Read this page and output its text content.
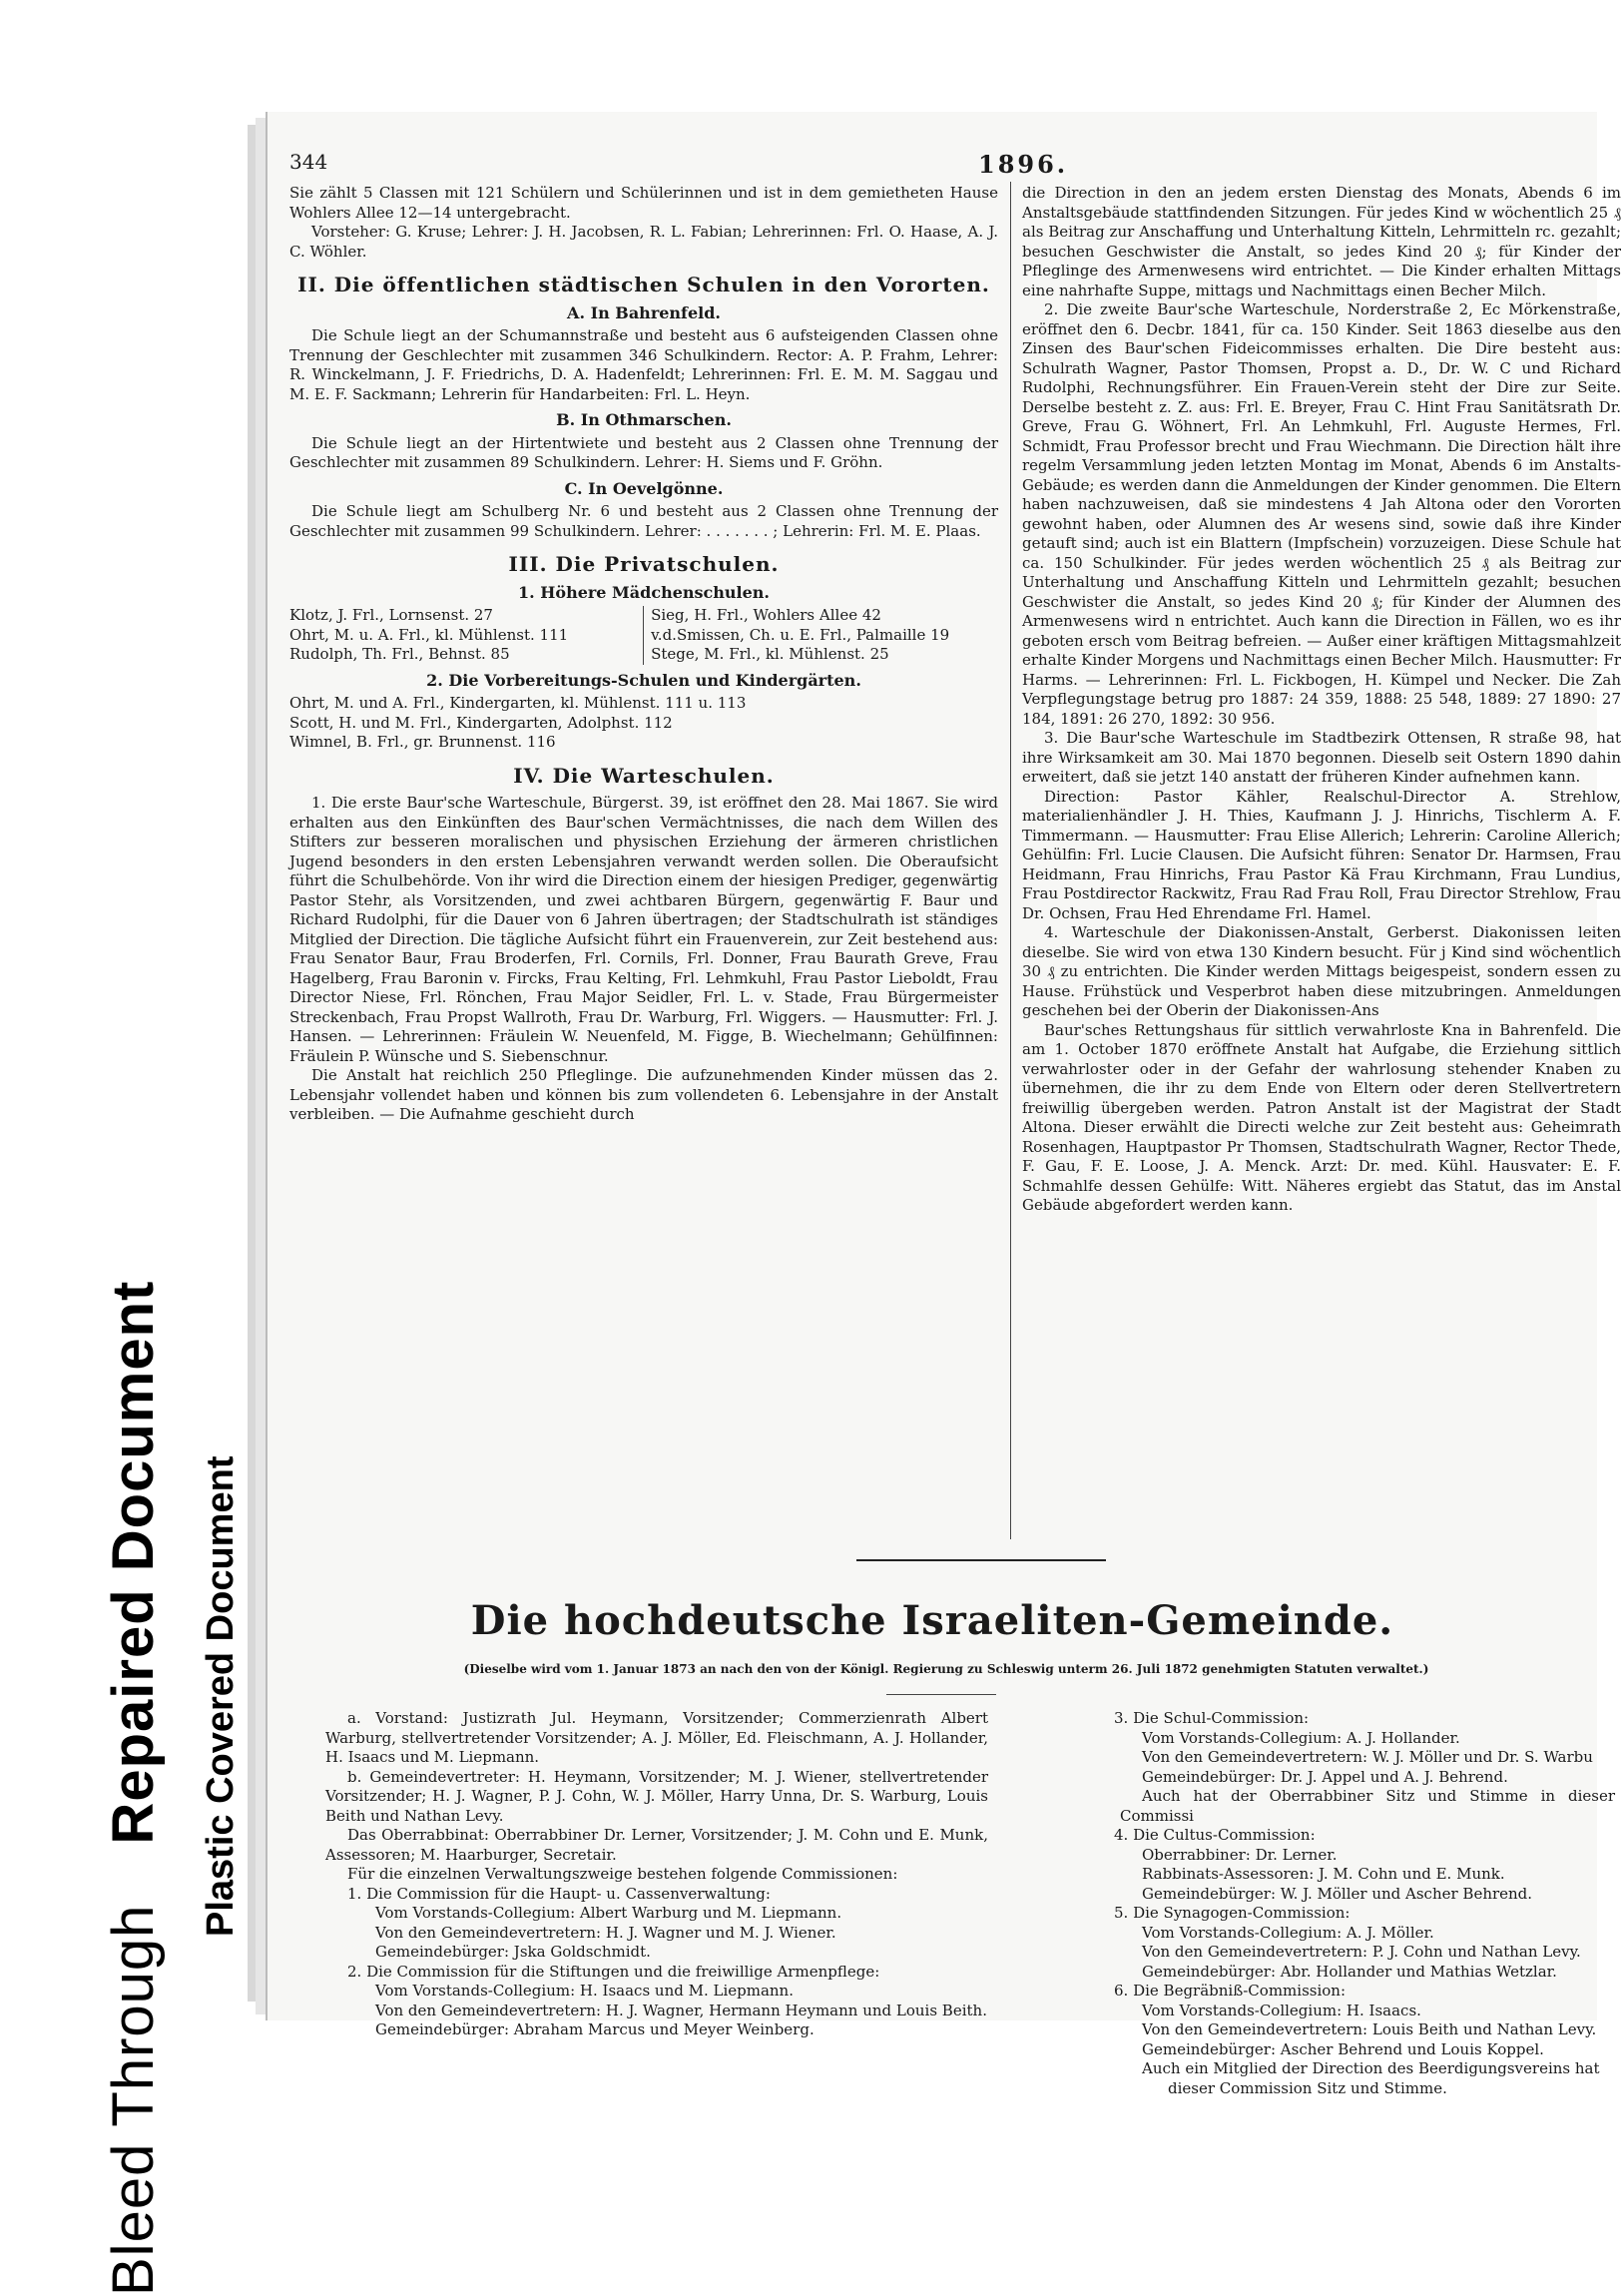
Bleed ThroughRepaired Document Plastic Covered Document
344	1896.

Sie zählt 5 Classen mit 121 Schülern und Schülerinnen und ist in dem gemietheten Hause Wohlers Allee 12—14 untergebracht.

Vorsteher: G. Kruse; Lehrer: J. H. Jacobsen, R. L. Fabian; Lehrerinnen: Frl. O. Haase, A. J. C. Wöhler.

II. Die öffentlichen städtischen Schulen in den Vororten.
A. In Bahrenfeld.

Die Schule liegt an der Schumannstraße und besteht aus 6 aufsteigenden Classen ohne Trennung der Geschlechter mit zusammen 346 Schulkindern. Rector: A. P. Frahm, Lehrer: R. Winckelmann, J. F. Friedrichs, D. A. Hadenfeldt; Lehrerinnen: Frl. E. M. M. Saggau und M. E. F. Sackmann; Lehrerin für Handarbeiten: Frl. L. Heyn.

B. In Othmarschen.

Die Schule liegt an der Hirtentwiete und besteht aus 2 Classen ohne Trennung der Geschlechter mit zusammen 89 Schulkindern. Lehrer: H. Siems und F. Gröhn.

C. In Oevelgönne.

Die Schule liegt am Schulberg Nr. 6 und besteht aus 2 Classen ohne Trennung der Geschlechter mit zusammen 99 Schulkindern. Lehrer: . . . . . . . ; Lehrerin: Frl. M. E. Plaas.

III. Die Privatschulen.
1. Höhere Mädchenschulen.
Klotz, J. Frl., Lornsenst. 27
Ohrt, M. u. A. Frl., kl. Mühlenst. 111
Rudolph, Th. Frl., Behnst. 85
Sieg, H. Frl., Wohlers Allee 42
v.d.Smissen, Ch. u. E. Frl., Palmaille 19
Stege, M. Frl., kl. Mühlenst. 25
2. Die Vorbereitungs-Schulen und Kindergärten.
Ohrt, M. und A. Frl., Kindergarten, kl. Mühlenst. 111 u. 113
Scott, H. und M. Frl., Kindergarten, Adolphst. 112
Wimnel, B. Frl., gr. Brunnenst. 116
IV. Die Warteschulen.

1. Die erste Baur'sche Warteschule, Bürgerst. 39, ist eröffnet den 28. Mai 1867. Sie wird erhalten aus den Einkünften des Baur'schen Vermächtnisses, die nach dem Willen des Stifters zur besseren moralischen und physischen Erziehung der ärmeren christlichen Jugend besonders in den ersten Lebensjahren verwandt werden sollen. Die Oberaufsicht führt die Schulbehörde. Von ihr wird die Direction einem der hiesigen Prediger, gegenwärtig Pastor Stehr, als Vorsitzenden, und zwei achtbaren Bürgern, gegenwärtig F. Baur und Richard Rudolphi, für die Dauer von 6 Jahren übertragen; der Stadtschulrath ist ständiges Mitglied der Direction. Die tägliche Aufsicht führt ein Frauenverein, zur Zeit bestehend aus: Frau Senator Baur, Frau Broderfen, Frl. Cornils, Frl. Donner, Frau Baurath Greve, Frau Hagelberg, Frau Baronin v. Fircks, Frau Kelting, Frl. Lehmkuhl, Frau Pastor Lieboldt, Frau Director Niese, Frl. Rönchen, Frau Major Seidler, Frl. L. v. Stade, Frau Bürgermeister Streckenbach, Frau Propst Wallroth, Frau Dr. Warburg, Frl. Wiggers. — Hausmutter: Frl. J. Hansen. — Lehrerinnen: Fräulein W. Neuenfeld, M. Figge, B. Wiechelmann; Gehülfinnen: Fräulein P. Wünsche und S. Siebenschnur.

Die Anstalt hat reichlich 250 Pfleglinge. Die aufzunehmenden Kinder müssen das 2. Lebensjahr vollendet haben und können bis zum vollendeten 6. Lebensjahre in der Anstalt verbleiben. — Die Aufnahme geschieht durch

die Direction in den an jedem ersten Dienstag des Monats, Abends 6 im Anstaltsgebäude stattfindenden Sitzungen. Für jedes Kind w wöchentlich 25 ₰ als Beitrag zur Anschaffung und Unterhaltung Kitteln, Lehrmitteln rc. gezahlt; besuchen Geschwister die Anstalt, so jedes Kind 20 ₰; für Kinder der Pfleglinge des Armenwesens wird entrichtet. — Die Kinder erhalten Mittags eine nahrhafte Suppe, mittags und Nachmittags einen Becher Milch.

2. Die zweite Baur'sche Warteschule, Norderstraße 2, Ec Mörkenstraße, eröffnet den 6. Decbr. 1841, für ca. 150 Kinder. Seit 1863 dieselbe aus den Zinsen des Baur'schen Fideicommisses erhalten. Die Dire besteht aus: Schulrath Wagner, Pastor Thomsen, Propst a. D., Dr. W. C und Richard Rudolphi, Rechnungsführer. Ein Frauen-Verein steht der Dire zur Seite. Derselbe besteht z. Z. aus: Frl. E. Breyer, Frau C. Hint Frau Sanitätsrath Dr. Greve, Frau G. Wöhnert, Frl. An Lehmkuhl, Frl. Auguste Hermes, Frl. Schmidt, Frau Professor brecht und Frau Wiechmann. Die Direction hält ihre regelm Versammlung jeden letzten Montag im Monat, Abends 6 im Anstalts-Gebäude; es werden dann die Anmeldungen der Kinder genommen. Die Eltern haben nachzuweisen, daß sie mindestens 4 Jah Altona oder den Vororten gewohnt haben, oder Alumnen des Ar wesens sind, sowie daß ihre Kinder getauft sind; auch ist ein Blattern (Impfschein) vorzuzeigen. Diese Schule hat ca. 150 Schulkinder. Für jedes werden wöchentlich 25 ₰ als Beitrag zur Unterhaltung und Anschaffung Kitteln und Lehrmitteln gezahlt; besuchen Geschwister die Anstalt, so jedes Kind 20 ₰; für Kinder der Alumnen des Armenwesens wird n entrichtet. Auch kann die Direction in Fällen, wo es ihr geboten ersch vom Beitrag befreien. — Außer einer kräftigen Mittagsmahlzeit erhalte Kinder Morgens und Nachmittags einen Becher Milch. Hausmutter: Fr Harms. — Lehrerinnen: Frl. L. Fickbogen, H. Kümpel und Necker. Die Zah Verpflegungstage betrug pro 1887: 24 359, 1888: 25 548, 1889: 27 1890: 27 184, 1891: 26 270, 1892: 30 956.

3. Die Baur'sche Warteschule im Stadtbezirk Ottensen, R straße 98, hat ihre Wirksamkeit am 30. Mai 1870 begonnen. Dieselb seit Ostern 1890 dahin erweitert, daß sie jetzt 140 anstatt der früheren Kinder aufnehmen kann.

Direction: Pastor Kähler, Realschul-Director A. Strehlow, materialienhändler J. H. Thies, Kaufmann J. J. Hinrichs, Tischlerm A. F. Timmermann. — Hausmutter: Frau Elise Allerich; Lehrerin: Caroline Allerich; Gehülfin: Frl. Lucie Clausen. Die Aufsicht führen: Senator Dr. Harmsen, Frau Heidmann, Frau Hinrichs, Frau Pastor Kä Frau Kirchmann, Frau Lundius, Frau Postdirector Rackwitz, Frau Rad Frau Roll, Frau Director Strehlow, Frau Dr. Ochsen, Frau Hed Ehrendame Frl. Hamel.

4. Warteschule der Diakonissen-Anstalt, Gerberst. Diakonissen leiten dieselbe. Sie wird von etwa 130 Kindern besucht. Für j Kind sind wöchentlich 30 ₰ zu entrichten. Die Kinder werden Mittags beigespeist, sondern essen zu Hause. Frühstück und Vesperbrot haben diese mitzubringen. Anmeldungen geschehen bei der Oberin der Diakonissen-Ans

Baur'sches Rettungshaus für sittlich verwahrloste Kna in Bahrenfeld. Die am 1. October 1870 eröffnete Anstalt hat Aufgabe, die Erziehung sittlich verwahrloster oder in der Gefahr der wahrlosung stehender Knaben zu übernehmen, die ihr zu dem Ende von Eltern oder deren Stellvertretern freiwillig übergeben werden. Patron Anstalt ist der Magistrat der Stadt Altona. Dieser erwählt die Directi welche zur Zeit besteht aus: Geheimrath Rosenhagen, Hauptpastor Pr Thomsen, Stadtschulrath Wagner, Rector Thede, F. Gau, F. E. Loose, J. A. Menck. Arzt: Dr. med. Kühl. Hausvater: E. F. Schmahlfe dessen Gehülfe: Witt. Näheres ergiebt das Statut, das im Anstal Gebäude abgefordert werden kann.

Die hochdeutsche Israeliten-Gemeinde.
(Dieselbe wird vom 1. Januar 1873 an nach den von der Königl. Regierung zu Schleswig unterm 26. Juli 1872 genehmigten Statuten verwaltet.)

a. Vorstand: Justizrath Jul. Heymann, Vorsitzender; Commerzienrath Albert Warburg, stellvertretender Vorsitzender; A. J. Möller, Ed. Fleischmann, A. J. Hollander, H. Isaacs und M. Liepmann.

b. Gemeindevertreter: H. Heymann, Vorsitzender; M. J. Wiener, stellvertretender Vorsitzender; H. J. Wagner, P. J. Cohn, W. J. Möller, Harry Unna, Dr. S. Warburg, Louis Beith und Nathan Levy.

Das Oberrabbinat: Oberrabbiner Dr. Lerner, Vorsitzender; J. M. Cohn und E. Munk, Assessoren; M. Haarburger, Secretair.

Für die einzelnen Verwaltungszweige bestehen folgende Commissionen:

1. Die Commission für die Haupt- u. Cassenverwaltung:

Vom Vorstands-Collegium: Albert Warburg und M. Liepmann.

Von den Gemeindevertretern: H. J. Wagner und M. J. Wiener.

Gemeindebürger: Jska Goldschmidt.

2. Die Commission für die Stiftungen und die freiwillige Armenpflege:

Vom Vorstands-Collegium: H. Isaacs und M. Liepmann.

Von den Gemeindevertretern: H. J. Wagner, Hermann Heymann und Louis Beith.

Gemeindebürger: Abraham Marcus und Meyer Weinberg.

3. Die Schul-Commission:

Vom Vorstands-Collegium: A. J. Hollander.

Von den Gemeindevertretern: W. J. Möller und Dr. S. Warbu

Gemeindebürger: Dr. J. Appel und A. J. Behrend.

Auch hat der Oberrabbiner Sitz und Stimme in dieser Commissi

4. Die Cultus-Commission:

Oberrabbiner: Dr. Lerner.

Rabbinats-Assessoren: J. M. Cohn und E. Munk.

Gemeindebürger: W. J. Möller und Ascher Behrend.

5. Die Synagogen-Commission:

Vom Vorstands-Collegium: A. J. Möller.

Von den Gemeindevertretern: P. J. Cohn und Nathan Levy.

Gemeindebürger: Abr. Hollander und Mathias Wetzlar.

6. Die Begräbniß-Commission:

Vom Vorstands-Collegium: H. Isaacs.

Von den Gemeindevertretern: Louis Beith und Nathan Levy.

Gemeindebürger: Ascher Behrend und Louis Koppel.

Auch ein Mitglied der Direction des Beerdigungsvereins hat

dieser Commission Sitz und Stimme.
